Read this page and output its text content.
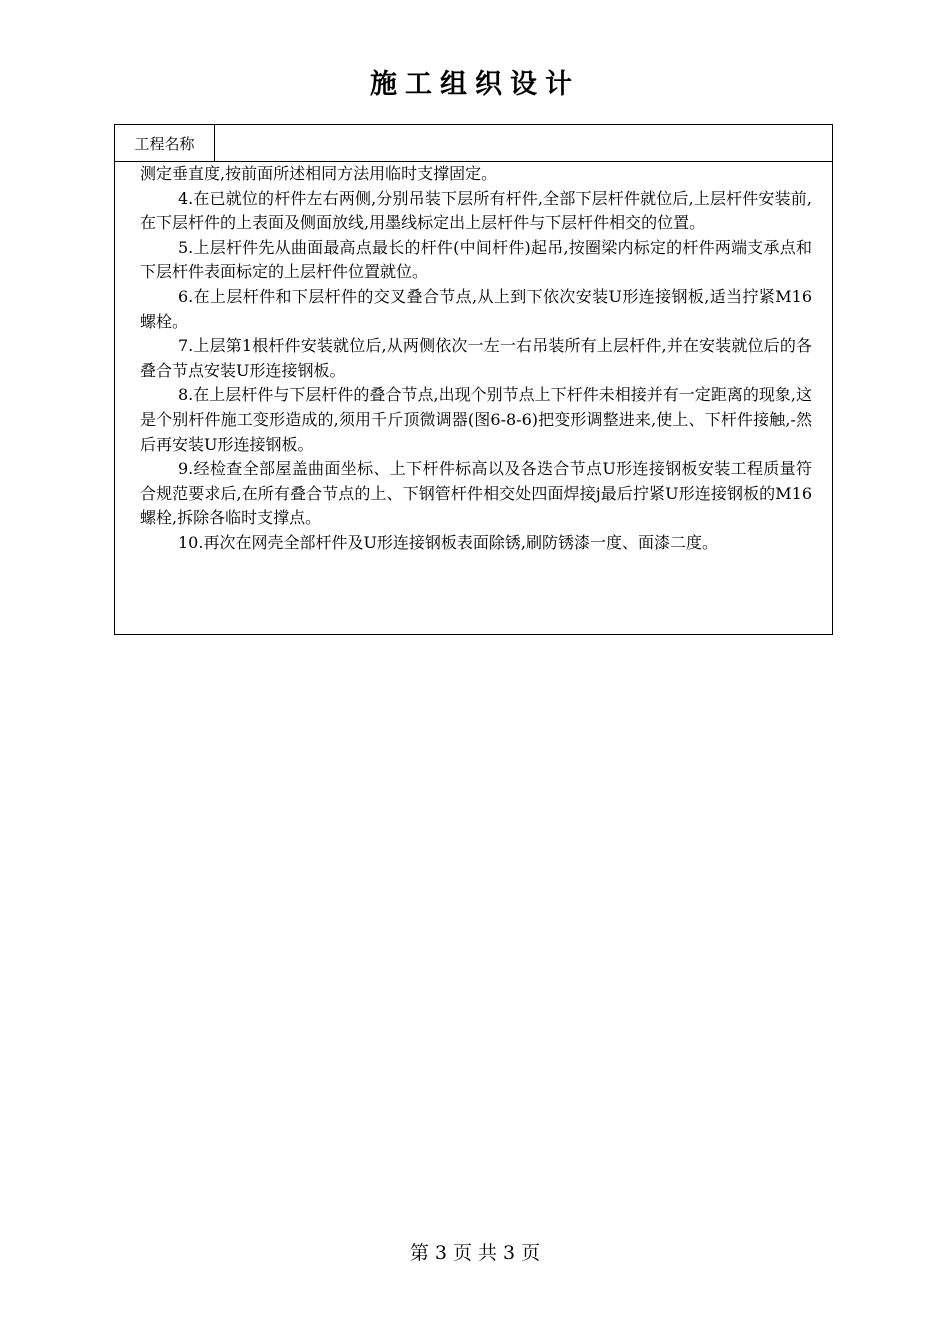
施工组织设计
工程名称

测定垂直度,按前面所述相同方法用临时支撑固定。

4.在已就位的杆件左右两侧,分别吊装下层所有杆件,全部下层杆件就位后,上层杆件安装前,在下层杆件的上表面及侧面放线,用墨线标定出上层杆件与下层杆件相交的位置。

5.上层杆件先从曲面最高点最长的杆件(中间杆件)起吊,按圈梁内标定的杆件两端支承点和下层杆件表面标定的上层杆件位置就位。

6.在上层杆件和下层杆件的交叉叠合节点,从上到下依次安装U形连接钢板,适当拧紧M16螺栓。

7.上层第1根杆件安装就位后,从两侧依次一左一右吊装所有上层杆件,并在安装就位后的各叠合节点安装U形连接钢板。

8.在上层杆件与下层杆件的叠合节点,出现个别节点上下杆件未相接并有一定距离的现象,这是个别杆件施工变形造成的,须用千斤顶微调器(图6-8-6)把变形调整进来,使上、下杆件接触,-然后再安装U形连接钢板。

9.经检查全部屋盖曲面坐标、上下杆件标高以及各迭合节点U形连接钢板安装工程质量符合规范要求后,在所有叠合节点的上、下钢管杆件相交处四面焊接j最后拧紧U形连接钢板的M16螺栓,拆除各临时支撑点。

10.再次在网壳全部杆件及U形连接钢板表面除锈,刷防锈漆一度、面漆二度。

第 3 页 共 3 页
